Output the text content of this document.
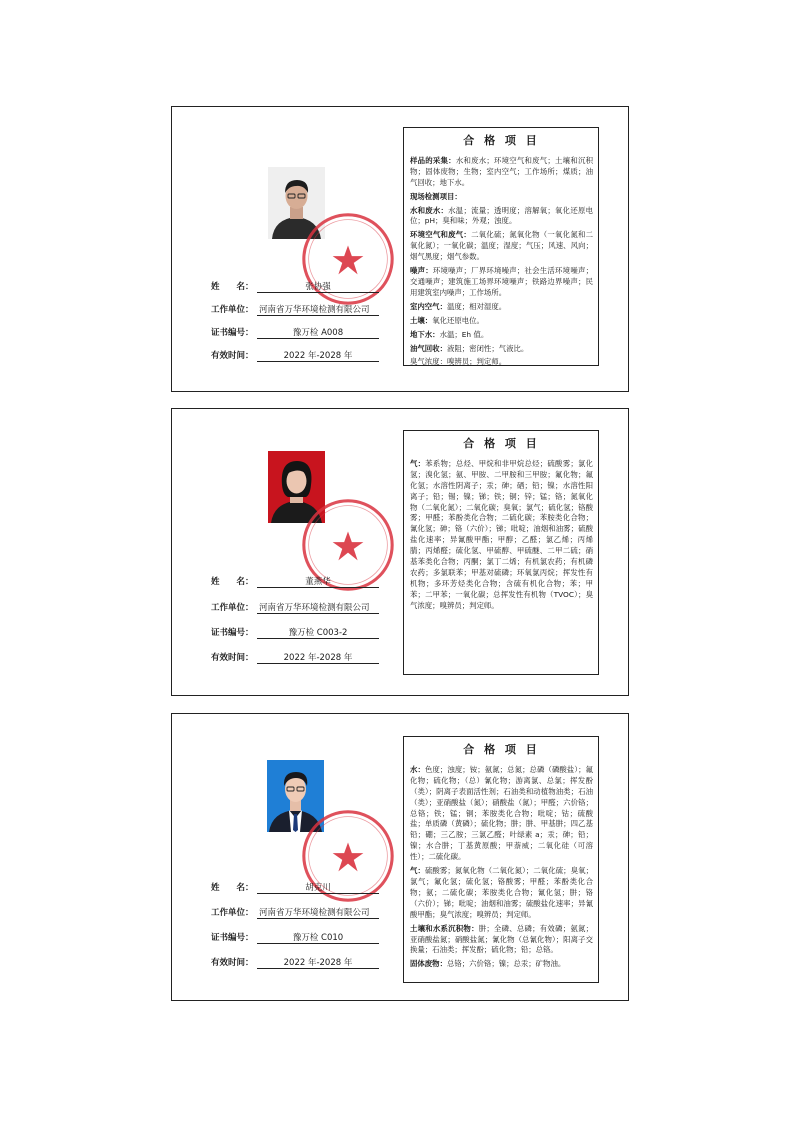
姓　　名：	张协强
工作单位： 河南省万华环境检测有限公司
证书编号：	豫万检 A008
有效时间：	2022 年-2028 年
合 格 项 目

样品的采集：水和废水；环境空气和废气；土壤和沉积物；固体废物；生物；室内空气；工作场所；煤质；油气回收；地下水。

现场检测项目：

水和废水：水温；流量；透明度；溶解氧；氧化还原电位；pH；臭和味；外观；浊度。

环境空气和废气：二氧化硫；氮氧化物（一氧化氮和二氧化氮）；一氧化碳；温度；湿度；气压；风速、风向；烟气黑度；烟气参数。

噪声：环境噪声；厂界环境噪声；社会生活环境噪声；交通噪声；建筑施工场界环境噪声；铁路边界噪声；民用建筑室内噪声；工作场所。

室内空气：温度；相对湿度。

土壤：氧化还原电位。

地下水：水温；Eh 值。

油气回收：液阻；密闭性；气液比。

臭气浓度：嗅辨员；判定师。

姓　　名：	董燕华
工作单位： 河南省万华环境检测有限公司
证书编号：	豫万检 C003-2
有效时间：	2022 年-2028 年
合 格 项 目

气：苯系物；总烃、甲烷和非甲烷总烃；硫酸雾；氯化氢；溴化氢；氨、甲胺、二甲胺和三甲胺；氟化物；氟化氢；水溶性阴离子；汞；砷；硒；铅；镍；水溶性阳离子；铅；锡；镍；锑；铁；铜；锌；锰；铬；氮氧化物（二氧化氮）；二氧化碳；臭氧；氯气；硫化氢；铬酸雾；甲醛；苯酚类化合物；二硫化碳；苯胺类化合物；氰化氢；砷；铬（六价）；锑；吡啶；油烟和油雾；硫酸盐化速率；异氰酸甲酯；甲醇；乙醛；氯乙烯；丙烯腈；丙烯醛；硫化氢、甲硫醇、甲硫醚、二甲二硫；硝基苯类化合物；丙酮；氯丁二烯；有机氯农药；有机磷农药；多氯联苯；甲基对硫磷；环氧氯丙烷；挥发性有机物；多环芳烃类化合物；含硫有机化合物；苯；甲苯；二甲苯；一氧化碳；总挥发性有机物（TVOC）；臭气浓度；嗅辨员；判定师。

姓　　名：	胡克川
工作单位： 河南省万华环境检测有限公司
证书编号：	豫万检 C010
有效时间：	2022 年-2028 年
合 格 项 目

水：色度；浊度；铵；氨氮；总氮；总磷（磷酸盐）；氟化物；硫化物；（总）氰化物；游离氯、总氯；挥发酚（类）；阴离子表面活性剂；石油类和动植物油类；石油（类）；亚硝酸盐（氮）；硝酸盐（氮）；甲醛；六价铬；总铬；铁；锰；铜；苯胺类化合物；吡啶；钴；硫酸盐；单质磷（黄磷）；硫化物；肼；肼、甲基肼；四乙基铅；硼；三乙胺；三氯乙醛；叶绿素 a；汞；砷；铅；镍；水合肼；丁基黄原酸；甲萘威；二氧化硅（可溶性）；二硫化碳。

气：硫酸雾；氮氧化物（二氧化氮）；二氧化硫；臭氧；氯气；氟化氢；硫化氢；铬酸雾；甲醛；苯酚类化合物；氨；二硫化碳；苯胺类化合物；氰化氢；肼；铬（六价）；锑；吡啶；油烟和油雾；硫酸盐化速率；异氰酸甲酯；臭气浓度；嗅辨员；判定师。

土壤和水系沉积物：肼；全磷、总磷；有效磷；氨氮；亚硝酸盐氮；硝酸盐氮；氰化物（总氰化物）；阳离子交换量；石油类；挥发酚；硫化物；铅；总铬。

固体废物：总铬；六价铬；镍；总汞；矿物油。
